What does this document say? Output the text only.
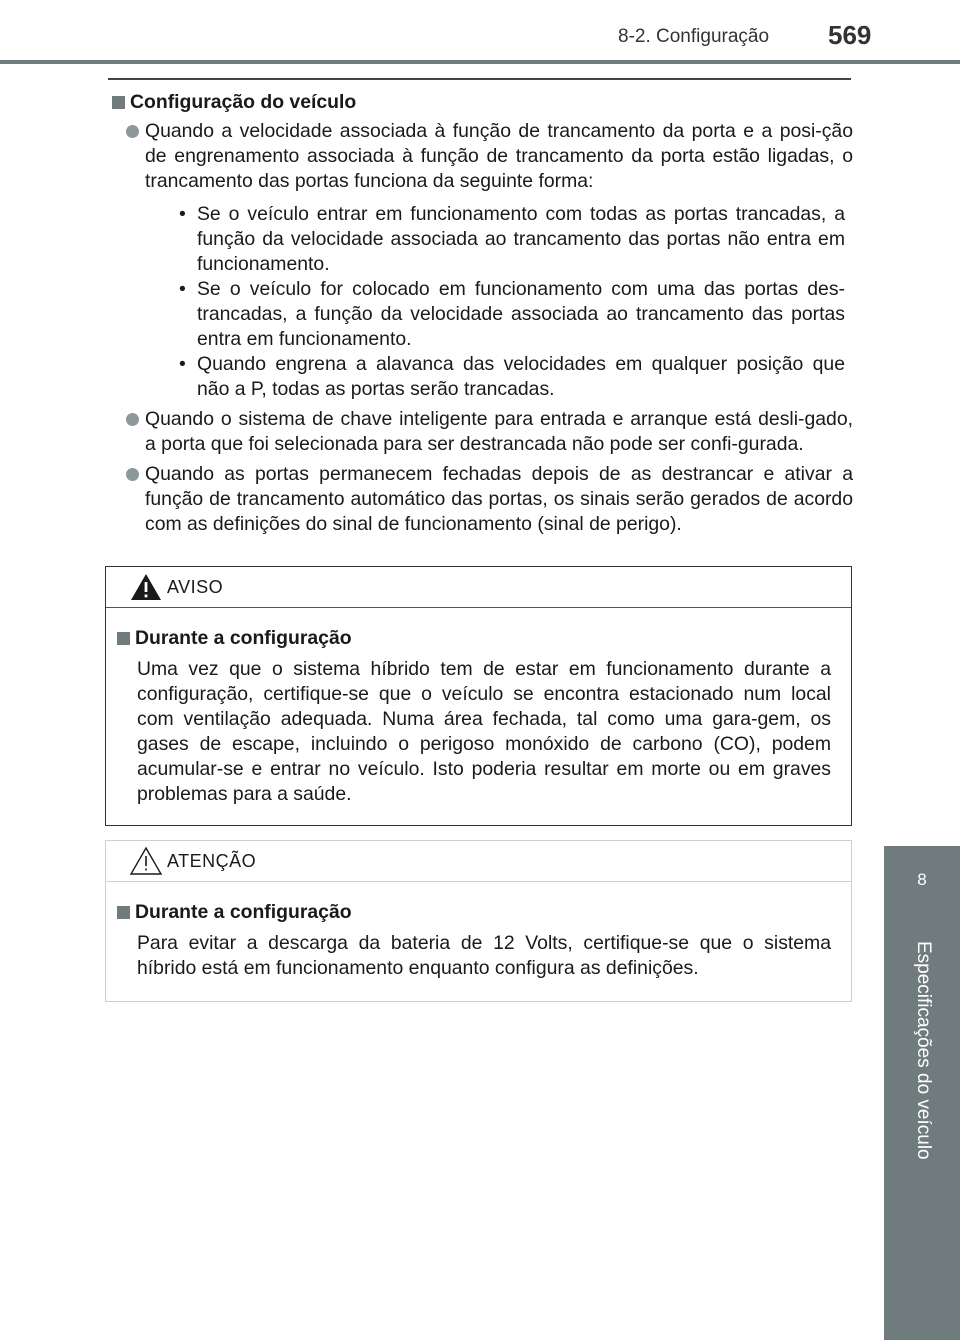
8-2. Configuração 569
8
Especificações do veículo
Configuração do veículo
Quando a velocidade associada à função de trancamento da porta e a posi-ção de engrenamento associada à função de trancamento da porta estão ligadas, o trancamento das portas funciona da seguinte forma:
• Se o veículo entrar em funcionamento com todas as portas trancadas, a função da velocidade associada ao trancamento das portas não entra em funcionamento.
• Se o veículo for colocado em funcionamento com uma das portas des-trancadas, a função da velocidade associada ao trancamento das portas entra em funcionamento.
• Quando engrena a alavanca das velocidades em qualquer posição que não a P, todas as portas serão trancadas.
Quando o sistema de chave inteligente para entrada e arranque está desli-gado, a porta que foi selecionada para ser destrancada não pode ser confi-gurada.
Quando as portas permanecem fechadas depois de as destrancar e ativar a função de trancamento automático das portas, os sinais serão gerados de acordo com as definições do sinal de funcionamento (sinal de perigo).
AVISO
Durante a configuração
Uma vez que o sistema híbrido tem de estar em funcionamento durante a configuração, certifique-se que o veículo se encontra estacionado num local com ventilação adequada. Numa área fechada, tal como uma gara-gem, os gases de escape, incluindo o perigoso monóxido de carbono (CO), podem acumular-se e entrar no veículo. Isto poderia resultar em morte ou em graves problemas para a saúde.
ATENÇÃO
Durante a configuração
Para evitar a descarga da bateria de 12 Volts, certifique-se que o sistema híbrido está em funcionamento enquanto configura as definições.
